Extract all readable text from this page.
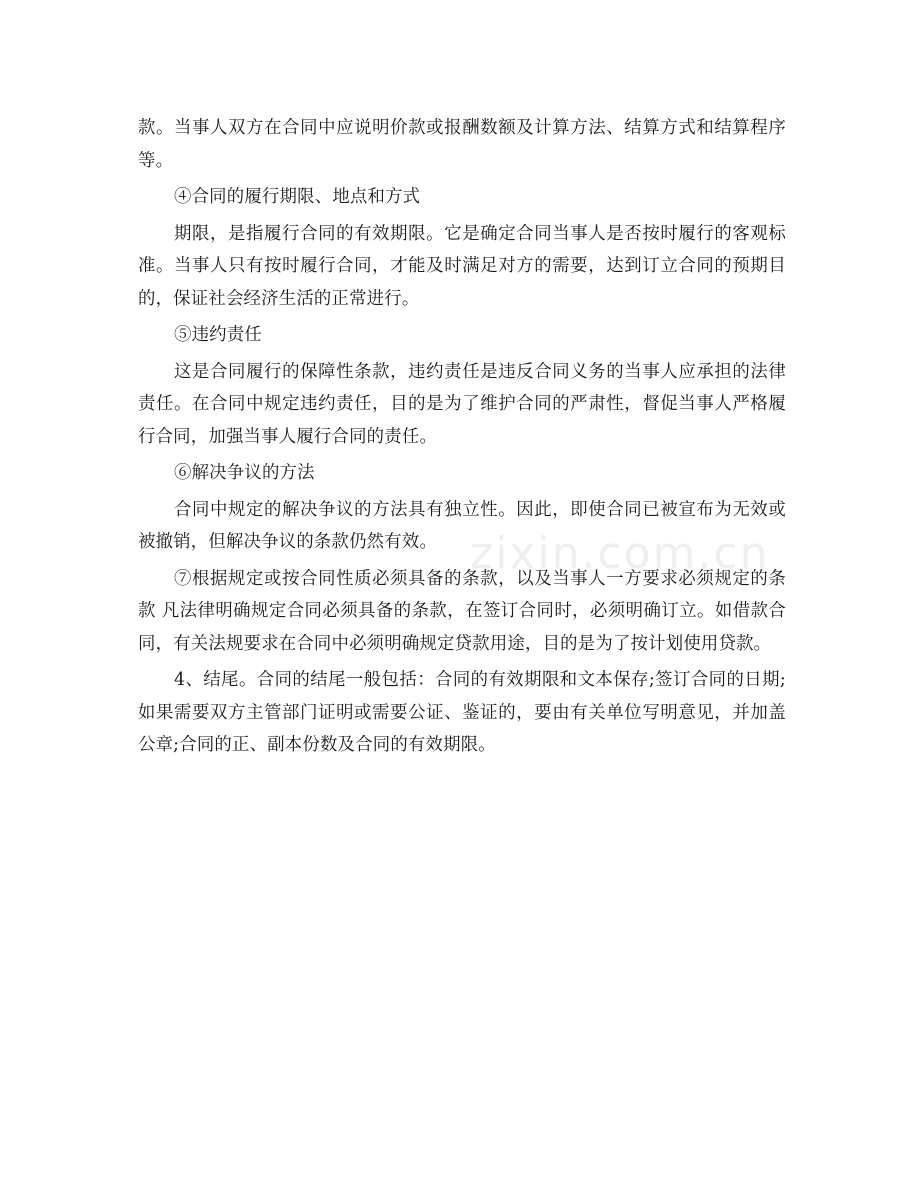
款。当事人双方在合同中应说明价款或报酬数额及计算方法、结算方式和结算程序等。

④合同的履行期限、地点和方式

期限，是指履行合同的有效期限。它是确定合同当事人是否按时履行的客观标准。当事人只有按时履行合同，才能及时满足对方的需要，达到订立合同的预期目的，保证社会经济生活的正常进行。

⑤违约责任

这是合同履行的保障性条款，违约责任是违反合同义务的当事人应承担的法律责任。在合同中规定违约责任，目的是为了维护合同的严肃性，督促当事人严格履行合同，加强当事人履行合同的责任。

⑥解决争议的方法

合同中规定的解决争议的方法具有独立性。因此，即使合同已被宣布为无效或被撤销，但解决争议的条款仍然有效。

⑦根据规定或按合同性质必须具备的条款，以及当事人一方要求必须规定的条款 凡法律明确规定合同必须具备的条款，在签订合同时，必须明确订立。如借款合同，有关法规要求在合同中必须明确规定贷款用途，目的是为了按计划使用贷款。

4、结尾。合同的结尾一般包括：合同的有效期限和文本保存;签订合同的日期;如果需要双方主管部门证明或需要公证、鉴证的，要由有关单位写明意见，并加盖公章;合同的正、副本份数及合同的有效期限。

zixin.com.cn
